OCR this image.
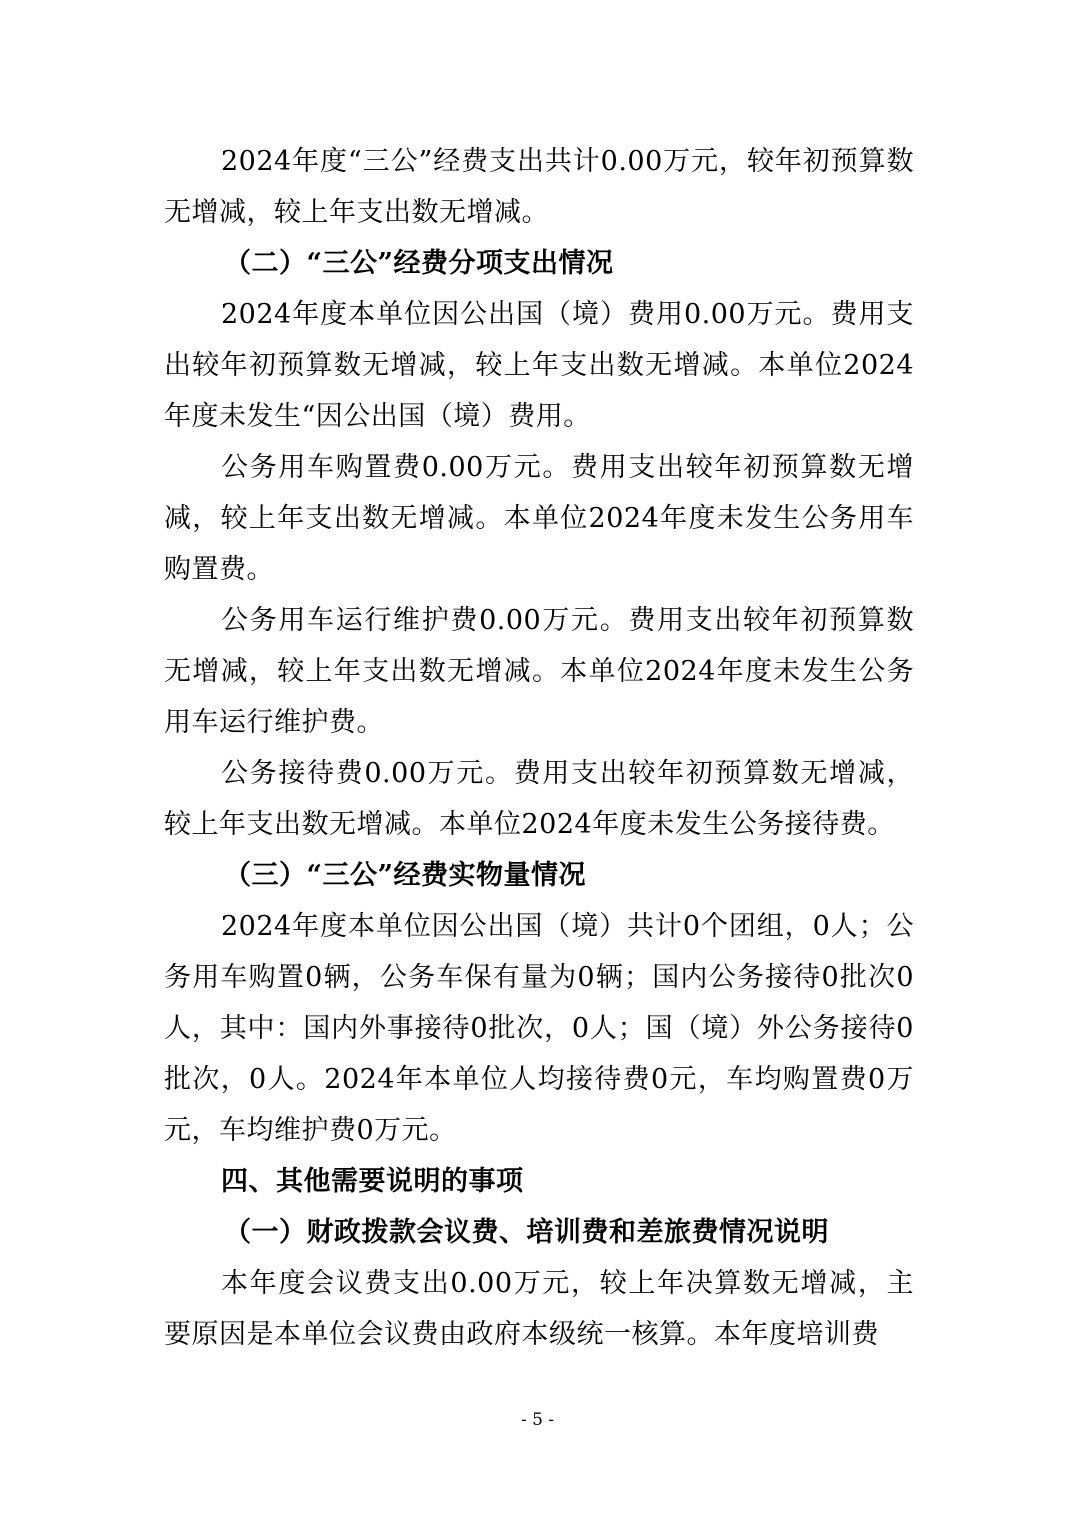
2024年度“三公”经费支出共计0.00万元，较年初预算数无增减，较上年支出数无增减。

（二）“三公”经费分项支出情况

2024年度本单位因公出国（境）费用0.00万元。费用支出较年初预算数无增减，较上年支出数无增减。本单位2024年度未发生“因公出国（境）费用。

公务用车购置费0.00万元。费用支出较年初预算数无增减，较上年支出数无增减。本单位2024年度未发生公务用车购置费。

公务用车运行维护费0.00万元。费用支出较年初预算数无增减，较上年支出数无增减。本单位2024年度未发生公务用车运行维护费。

公务接待费0.00万元。费用支出较年初预算数无增减，较上年支出数无增减。本单位2024年度未发生公务接待费。

（三）“三公”经费实物量情况

2024年度本单位因公出国（境）共计0个团组，0人；公务用车购置0辆，公务车保有量为0辆；国内公务接待0批次0人，其中：国内外事接待0批次，0人；国（境）外公务接待0批次，0人。2024年本单位人均接待费0元，车均购置费0万元，车均维护费0万元。

四、其他需要说明的事项

（一）财政拨款会议费、培训费和差旅费情况说明

本年度会议费支出0.00万元，较上年决算数无增减，主要原因是本单位会议费由政府本级统一核算。本年度培训费

- 5 -
